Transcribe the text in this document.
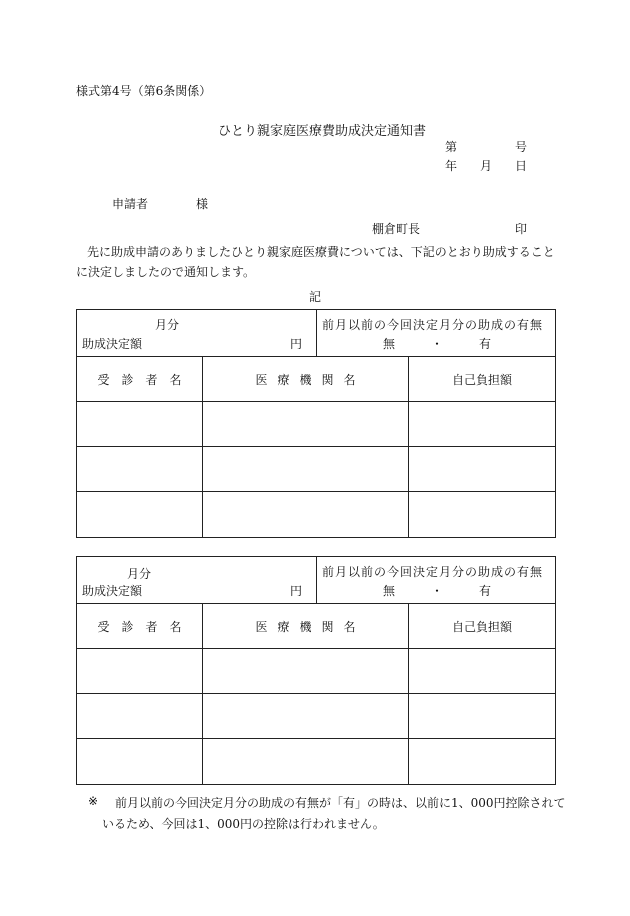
様式第4号（第6条関係）
ひとり親家庭医療費助成決定通知書
第	号
年 月 日
申請者	様
棚倉町長	印
先に助成申請のありましたひとり親家庭医療費については、下記のとおり助成すること
に決定しましたので通知します。
記
月分
助成決定額	円
前月以前の今回決定月分の助成の有無
無	・	有
受診者名	医療機関名	自己負担額
月分
助成決定額	円
前月以前の今回決定月分の助成の有無
無	・	有
受診者名	医療機関名	自己負担額
※ 前月以前の今回決定月分の助成の有無が「有」の時は、以前に1、000円控除されて
いるため、今回は1、000円の控除は行われません。
